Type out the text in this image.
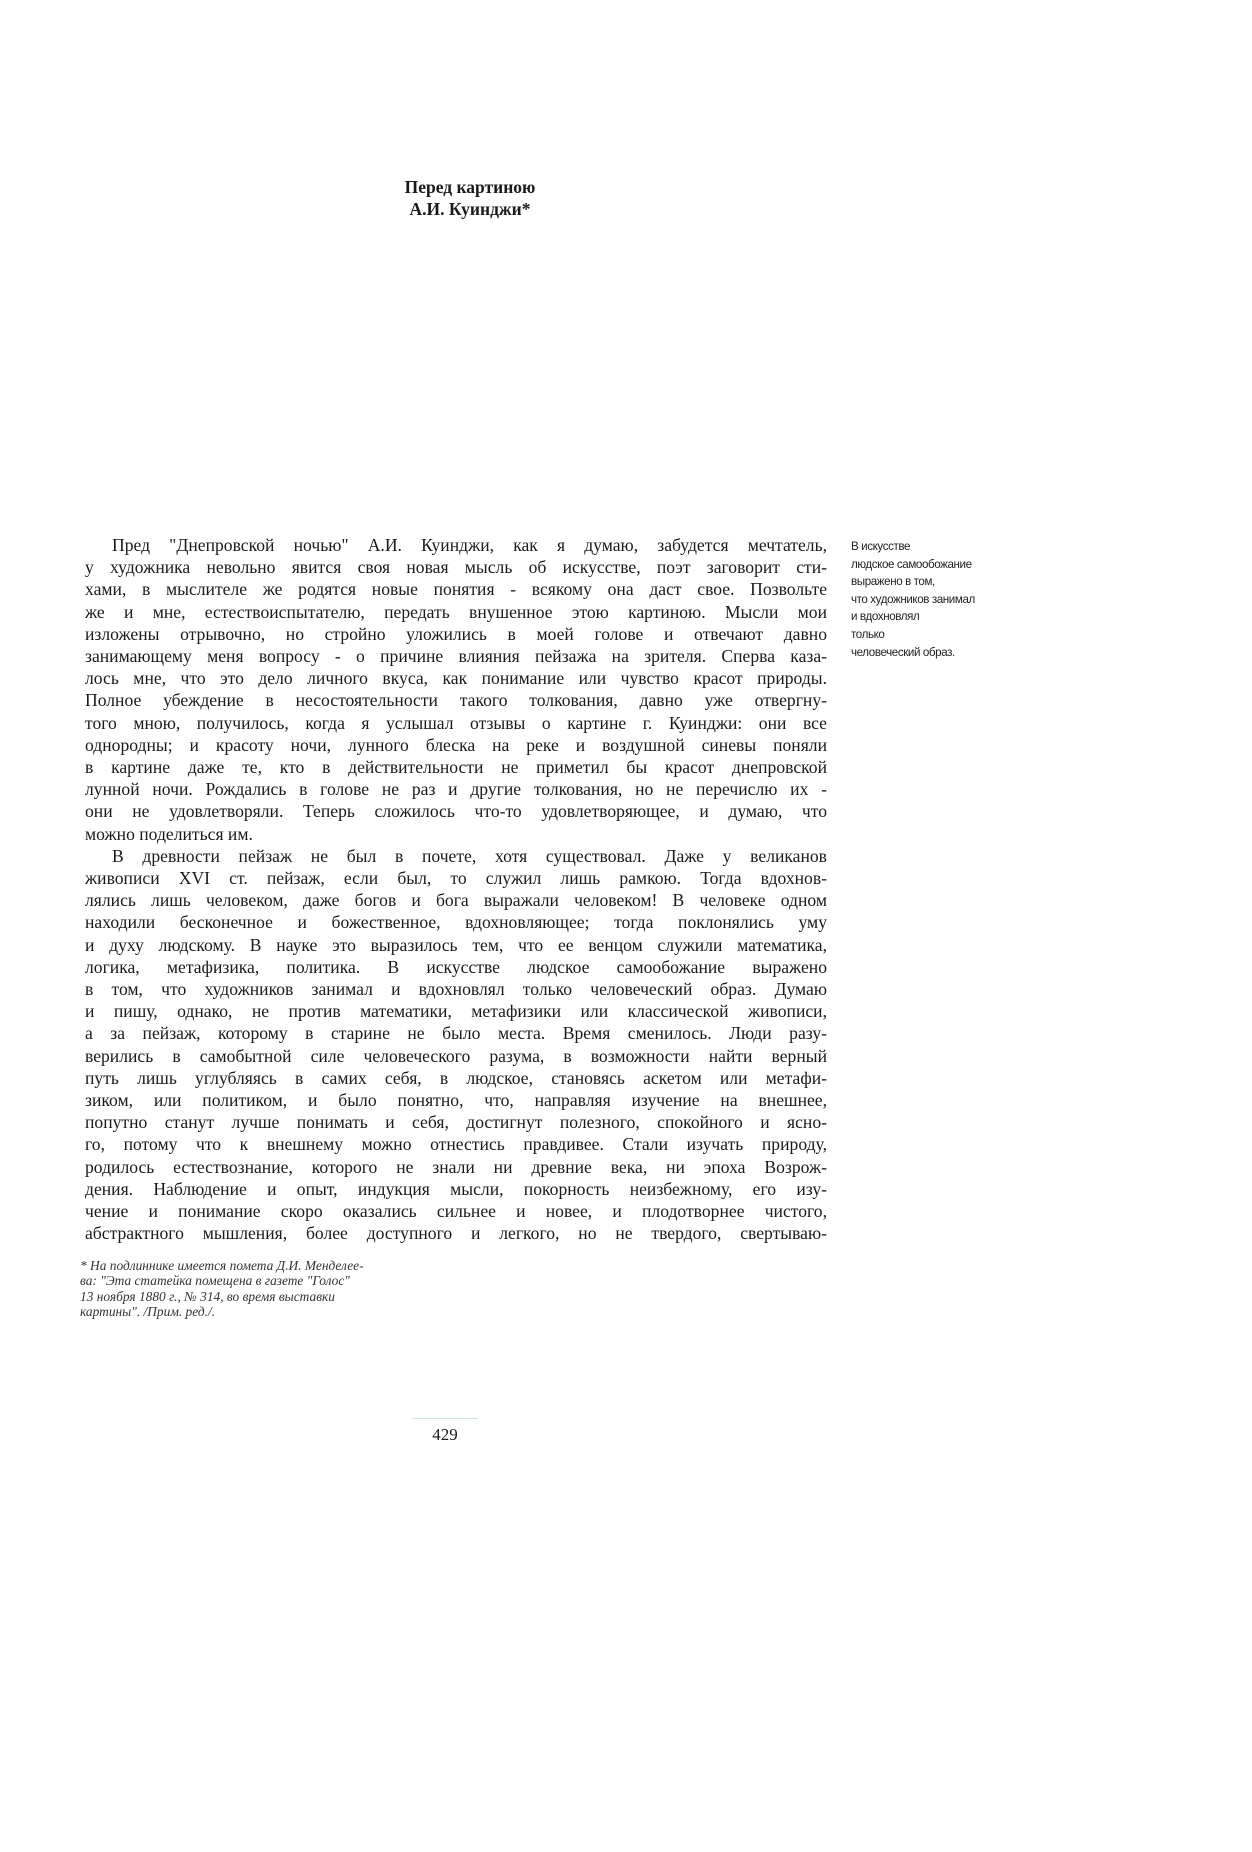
Перед картиною
А.И. Куинджи*
Пред "Днепровской ночью" А.И. Куинджи, как я думаю, забудется мечтатель,
у художника невольно явится своя новая мысль об искусстве, поэт заговорит сти-
хами, в мыслителе же родятся новые понятия - всякому она даст свое. Позвольте
же и мне, естествоиспытателю, передать внушенное этою картиною. Мысли мои
изложены отрывочно, но стройно уложились в моей голове и отвечают давно
занимающему меня вопросу - о причине влияния пейзажа на зрителя. Сперва каза-
лось мне, что это дело личного вкуса, как понимание или чувство красот природы.
Полное убеждение в несостоятельности такого толкования, давно уже отвергну-
того мною, получилось, когда я услышал отзывы о картине г. Куинджи: они все
однородны; и красоту ночи, лунного блеска на реке и воздушной синевы поняли
в картине даже те, кто в действительности не приметил бы красот днепровской
лунной ночи. Рождались в голове не раз и другие толкования, но не перечислю их -
они не удовлетворяли. Теперь сложилось что-то удовлетворяющее, и думаю, что
можно поделиться им.
В древности пейзаж не был в почете, хотя существовал. Даже у великанов
живописи XVI ст. пейзаж, если был, то служил лишь рамкою. Тогда вдохнов-
лялись лишь человеком, даже богов и бога выражали человеком! В человеке одном
находили бесконечное и божественное, вдохновляющее; тогда поклонялись уму
и духу людскому. В науке это выразилось тем, что ее венцом служили математика,
логика, метафизика, политика. В искусстве людское самообожание выражено
в том, что художников занимал и вдохновлял только человеческий образ. Думаю
и пишу, однако, не против математики, метафизики или классической живописи,
а за пейзаж, которому в старине не было места. Время сменилось. Люди разу-
верились в самобытной силе человеческого разума, в возможности найти верный
путь лишь углубляясь в самих себя, в людское, становясь аскетом или метафи-
зиком, или политиком, и было понятно, что, направляя изучение на внешнее,
попутно станут лучше понимать и себя, достигнут полезного, спокойного и ясно-
го, потому что к внешнему можно отнестись правдивее. Стали изучать природу,
родилось естествознание, которого не знали ни древние века, ни эпоха Возрож-
дения. Наблюдение и опыт, индукция мысли, покорность неизбежному, его изу-
чение и понимание скоро оказались сильнее и новее, и плодотворнее чистого,
абстрактного мышления, более доступного и легкого, но не твердого, свертываю-
В искусстве
людское самообожание
выражено в том,
что художников занимал
и вдохновлял
только
человеческий образ.
* На подлиннике имеется помета Д.И. Менделее-
ва: "Эта статейка помещена в газете "Голос"
13 ноября 1880 г., № 314, во время выставки
картины". /Прим. ред./.
429
